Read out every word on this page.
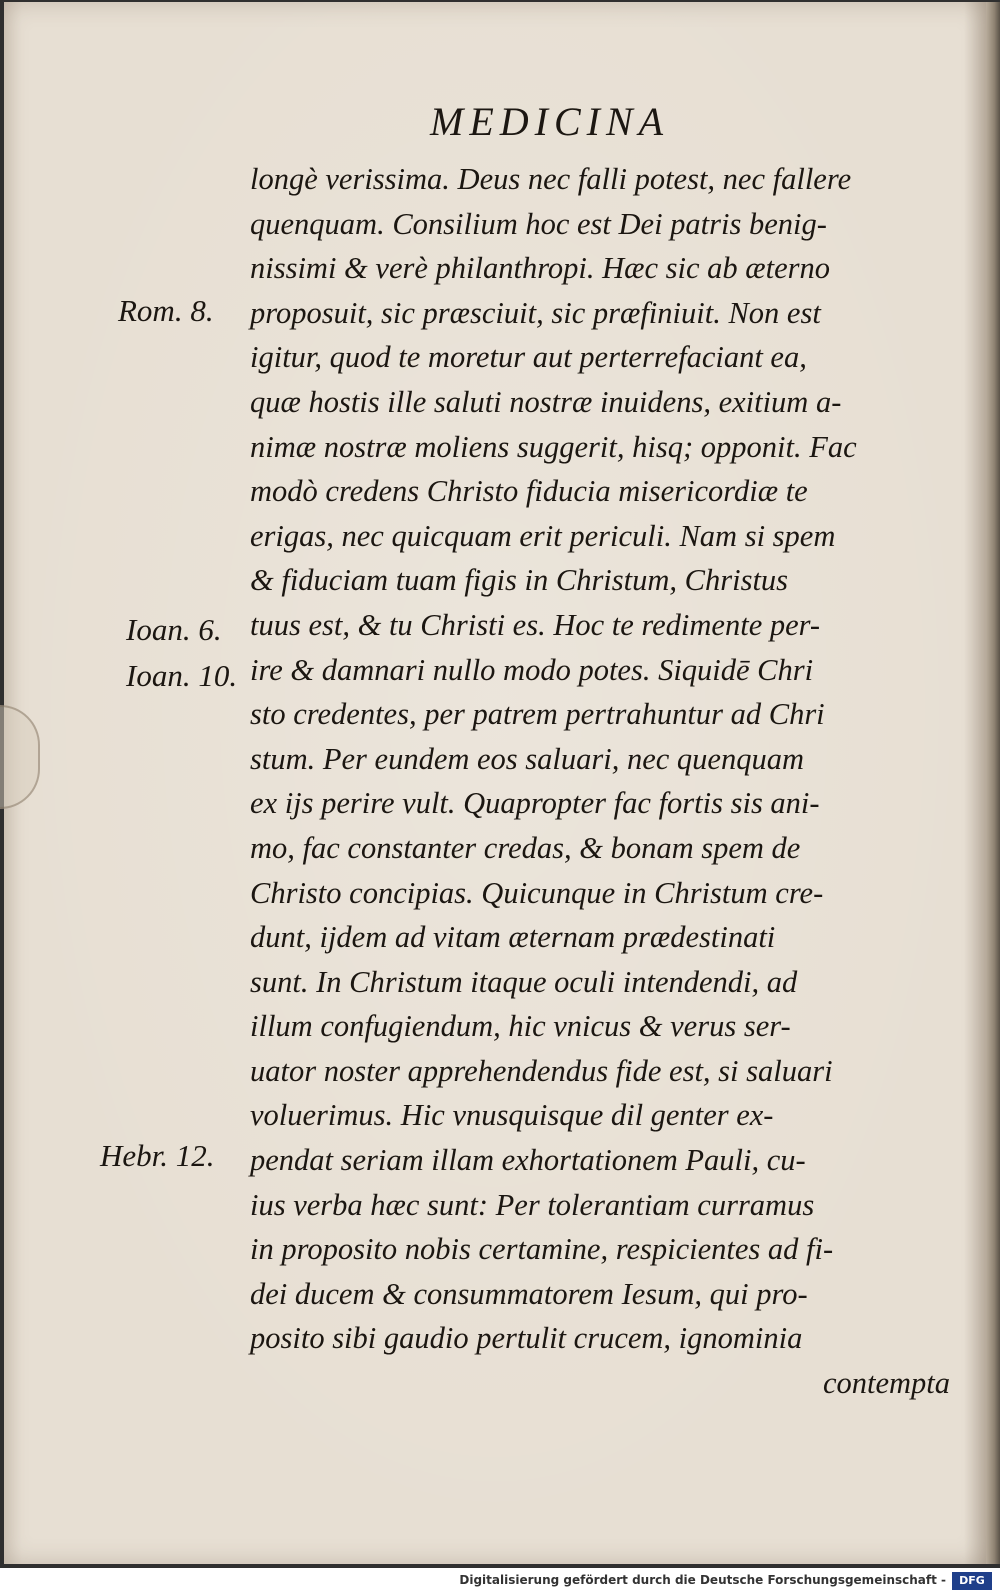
MEDICINA
Rom. 8.
Ioan. 6.
Ioan. 10.
Hebr. 12.
longè verissima. Deus nec falli potest, nec fallere
quenquam. Consilium hoc est Dei patris benig-
nissimi & verè philanthropi. Hæc sic ab æterno
proposuit, sic præsciuit, sic præfiniuit. Non est
igitur, quod te moretur aut perterrefaciant ea,
quæ hostis ille saluti nostræ inuidens, exitium a-
nimæ nostræ moliens suggerit, hisq; opponit. Fac
modò credens Christo fiducia misericordiæ te
erigas, nec quicquam erit periculi. Nam si spem
& fiduciam tuam figis in Christum, Christus
tuus est, & tu Christi es. Hoc te redimente per-
ire & damnari nullo modo potes. Siquidē Chri
sto credentes, per patrem pertrahuntur ad Chri
stum. Per eundem eos saluari, nec quenquam
ex ijs perire vult. Quapropter fac fortis sis ani-
mo, fac constanter credas, & bonam spem de
Christo concipias. Quicunque in Christum cre-
dunt, ijdem ad vitam æternam prædestinati
sunt. In Christum itaque oculi intendendi, ad
illum confugiendum, hic vnicus & verus ser-
uator noster apprehendendus fide est, si saluari
voluerimus. Hic vnusquisque dil genter ex-
pendat seriam illam exhortationem Pauli, cu-
ius verba hæc sunt: Per tolerantiam curramus
in proposito nobis certamine, respicientes ad fi-
dei ducem & consummatorem Iesum, qui pro-
posito sibi gaudio pertulit crucem, ignominia
contempta
Digitalisierung gefördert durch die Deutsche Forschungsgemeinschaft -	DFG
